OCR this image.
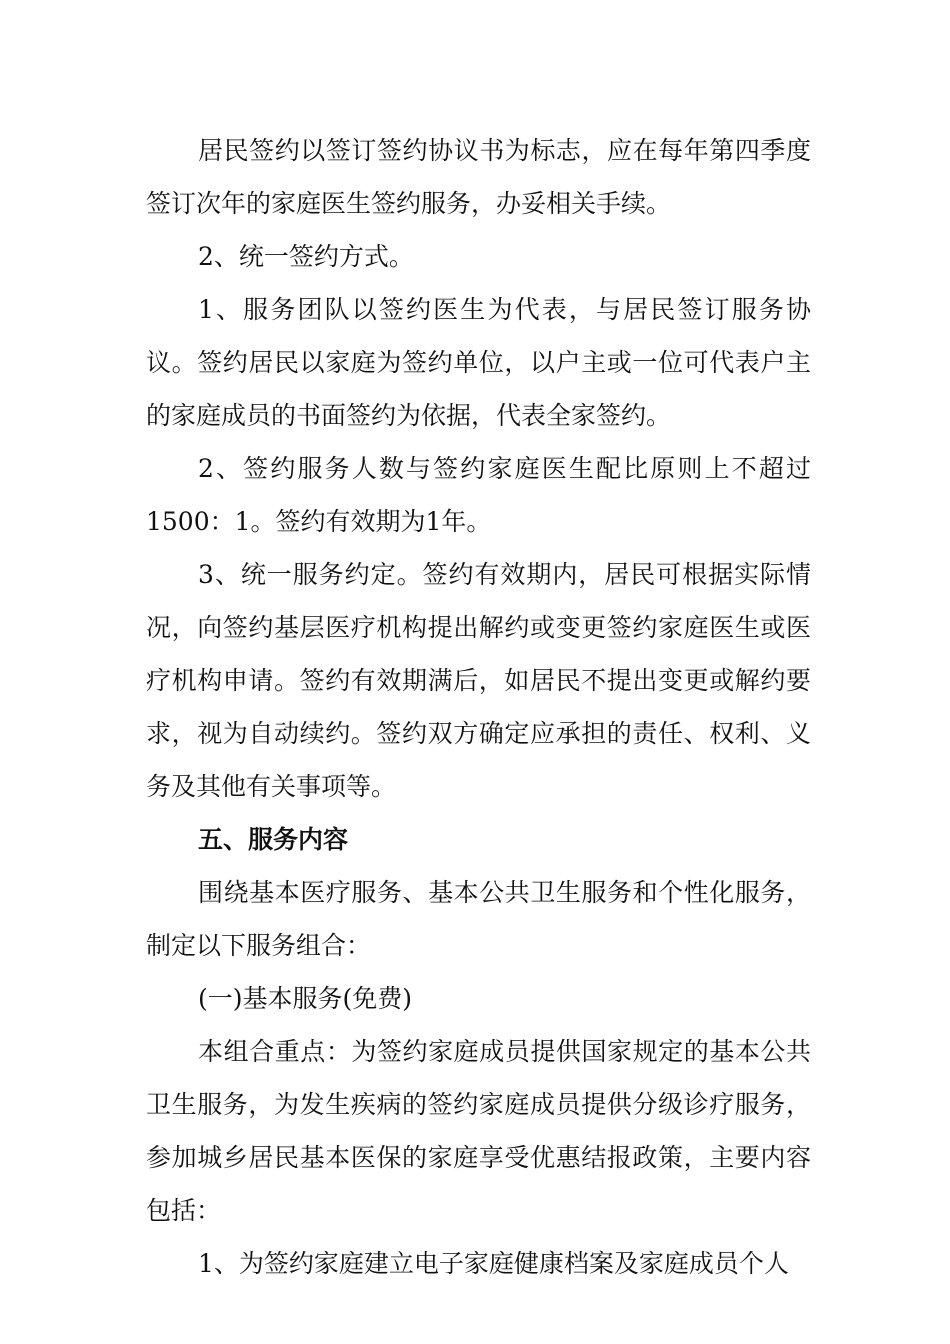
居民签约以签订签约协议书为标志，应在每年第四季度签订次年的家庭医生签约服务，办妥相关手续。

2、统一签约方式。

1、服务团队以签约医生为代表，与居民签订服务协议。签约居民以家庭为签约单位，以户主或一位可代表户主的家庭成员的书面签约为依据，代表全家签约。

2、签约服务人数与签约家庭医生配比原则上不超过1500：1。签约有效期为1年。

3、统一服务约定。签约有效期内，居民可根据实际情况，向签约基层医疗机构提出解约或变更签约家庭医生或医疗机构申请。签约有效期满后，如居民不提出变更或解约要求，视为自动续约。签约双方确定应承担的责任、权利、义务及其他有关事项等。

五、服务内容

围绕基本医疗服务、基本公共卫生服务和个性化服务，制定以下服务组合：

(一)基本服务(免费)

本组合重点：为签约家庭成员提供国家规定的基本公共卫生服务，为发生疾病的签约家庭成员提供分级诊疗服务，参加城乡居民基本医保的家庭享受优惠结报政策，主要内容包括：

1、为签约家庭建立电子家庭健康档案及家庭成员个人
